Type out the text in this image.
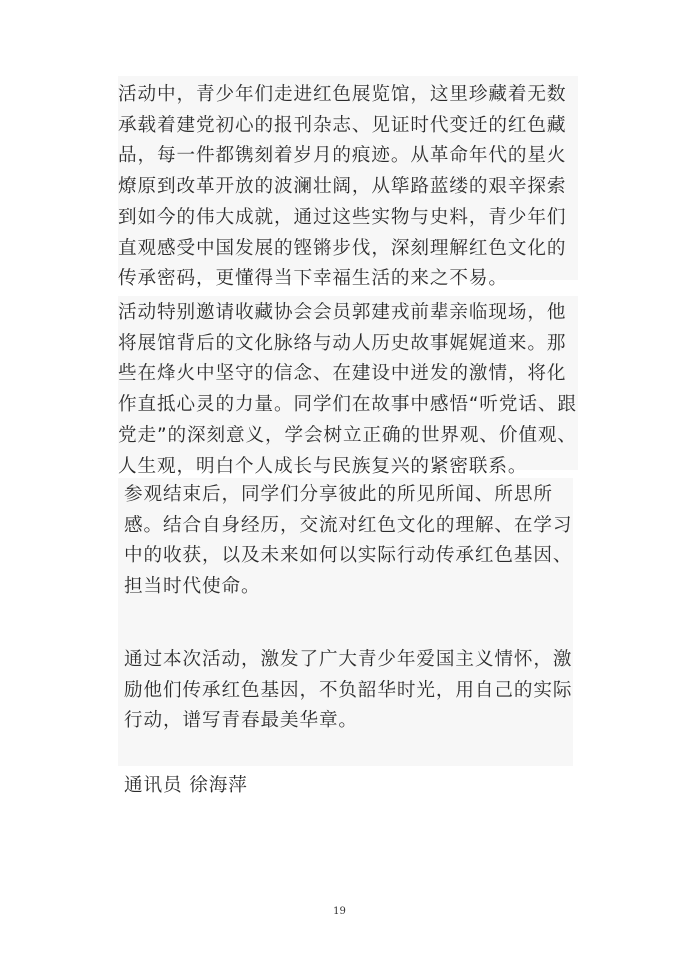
活动中，青少年们走进红色展览馆，这里珍藏着无数承载着建党初心的报刊杂志、见证时代变迁的红色藏品，每一件都镌刻着岁月的痕迹。从革命年代的星火燎原到改革开放的波澜壮阔，从筚路蓝缕的艰辛探索到如今的伟大成就，通过这些实物与史料，青少年们直观感受中国发展的铿锵步伐，深刻理解红色文化的传承密码，更懂得当下幸福生活的来之不易。

活动特别邀请收藏协会会员郭建戎前辈亲临现场，他将展馆背后的文化脉络与动人历史故事娓娓道来。那些在烽火中坚守的信念、在建设中迸发的激情，将化作直抵心灵的力量。同学们在故事中感悟“听党话、跟党走”的深刻意义，学会树立正确的世界观、价值观、人生观，明白个人成长与民族复兴的紧密联系。

参观结束后，同学们分享彼此的所见所闻、所思所感。结合自身经历，交流对红色文化的理解、在学习中的收获，以及未来如何以实际行动传承红色基因、担当时代使命。

通过本次活动，激发了广大青少年爱国主义情怀，激励他们传承红色基因，不负韶华时光，用自己的实际行动，谱写青春最美华章。

通讯员 徐海萍

19
